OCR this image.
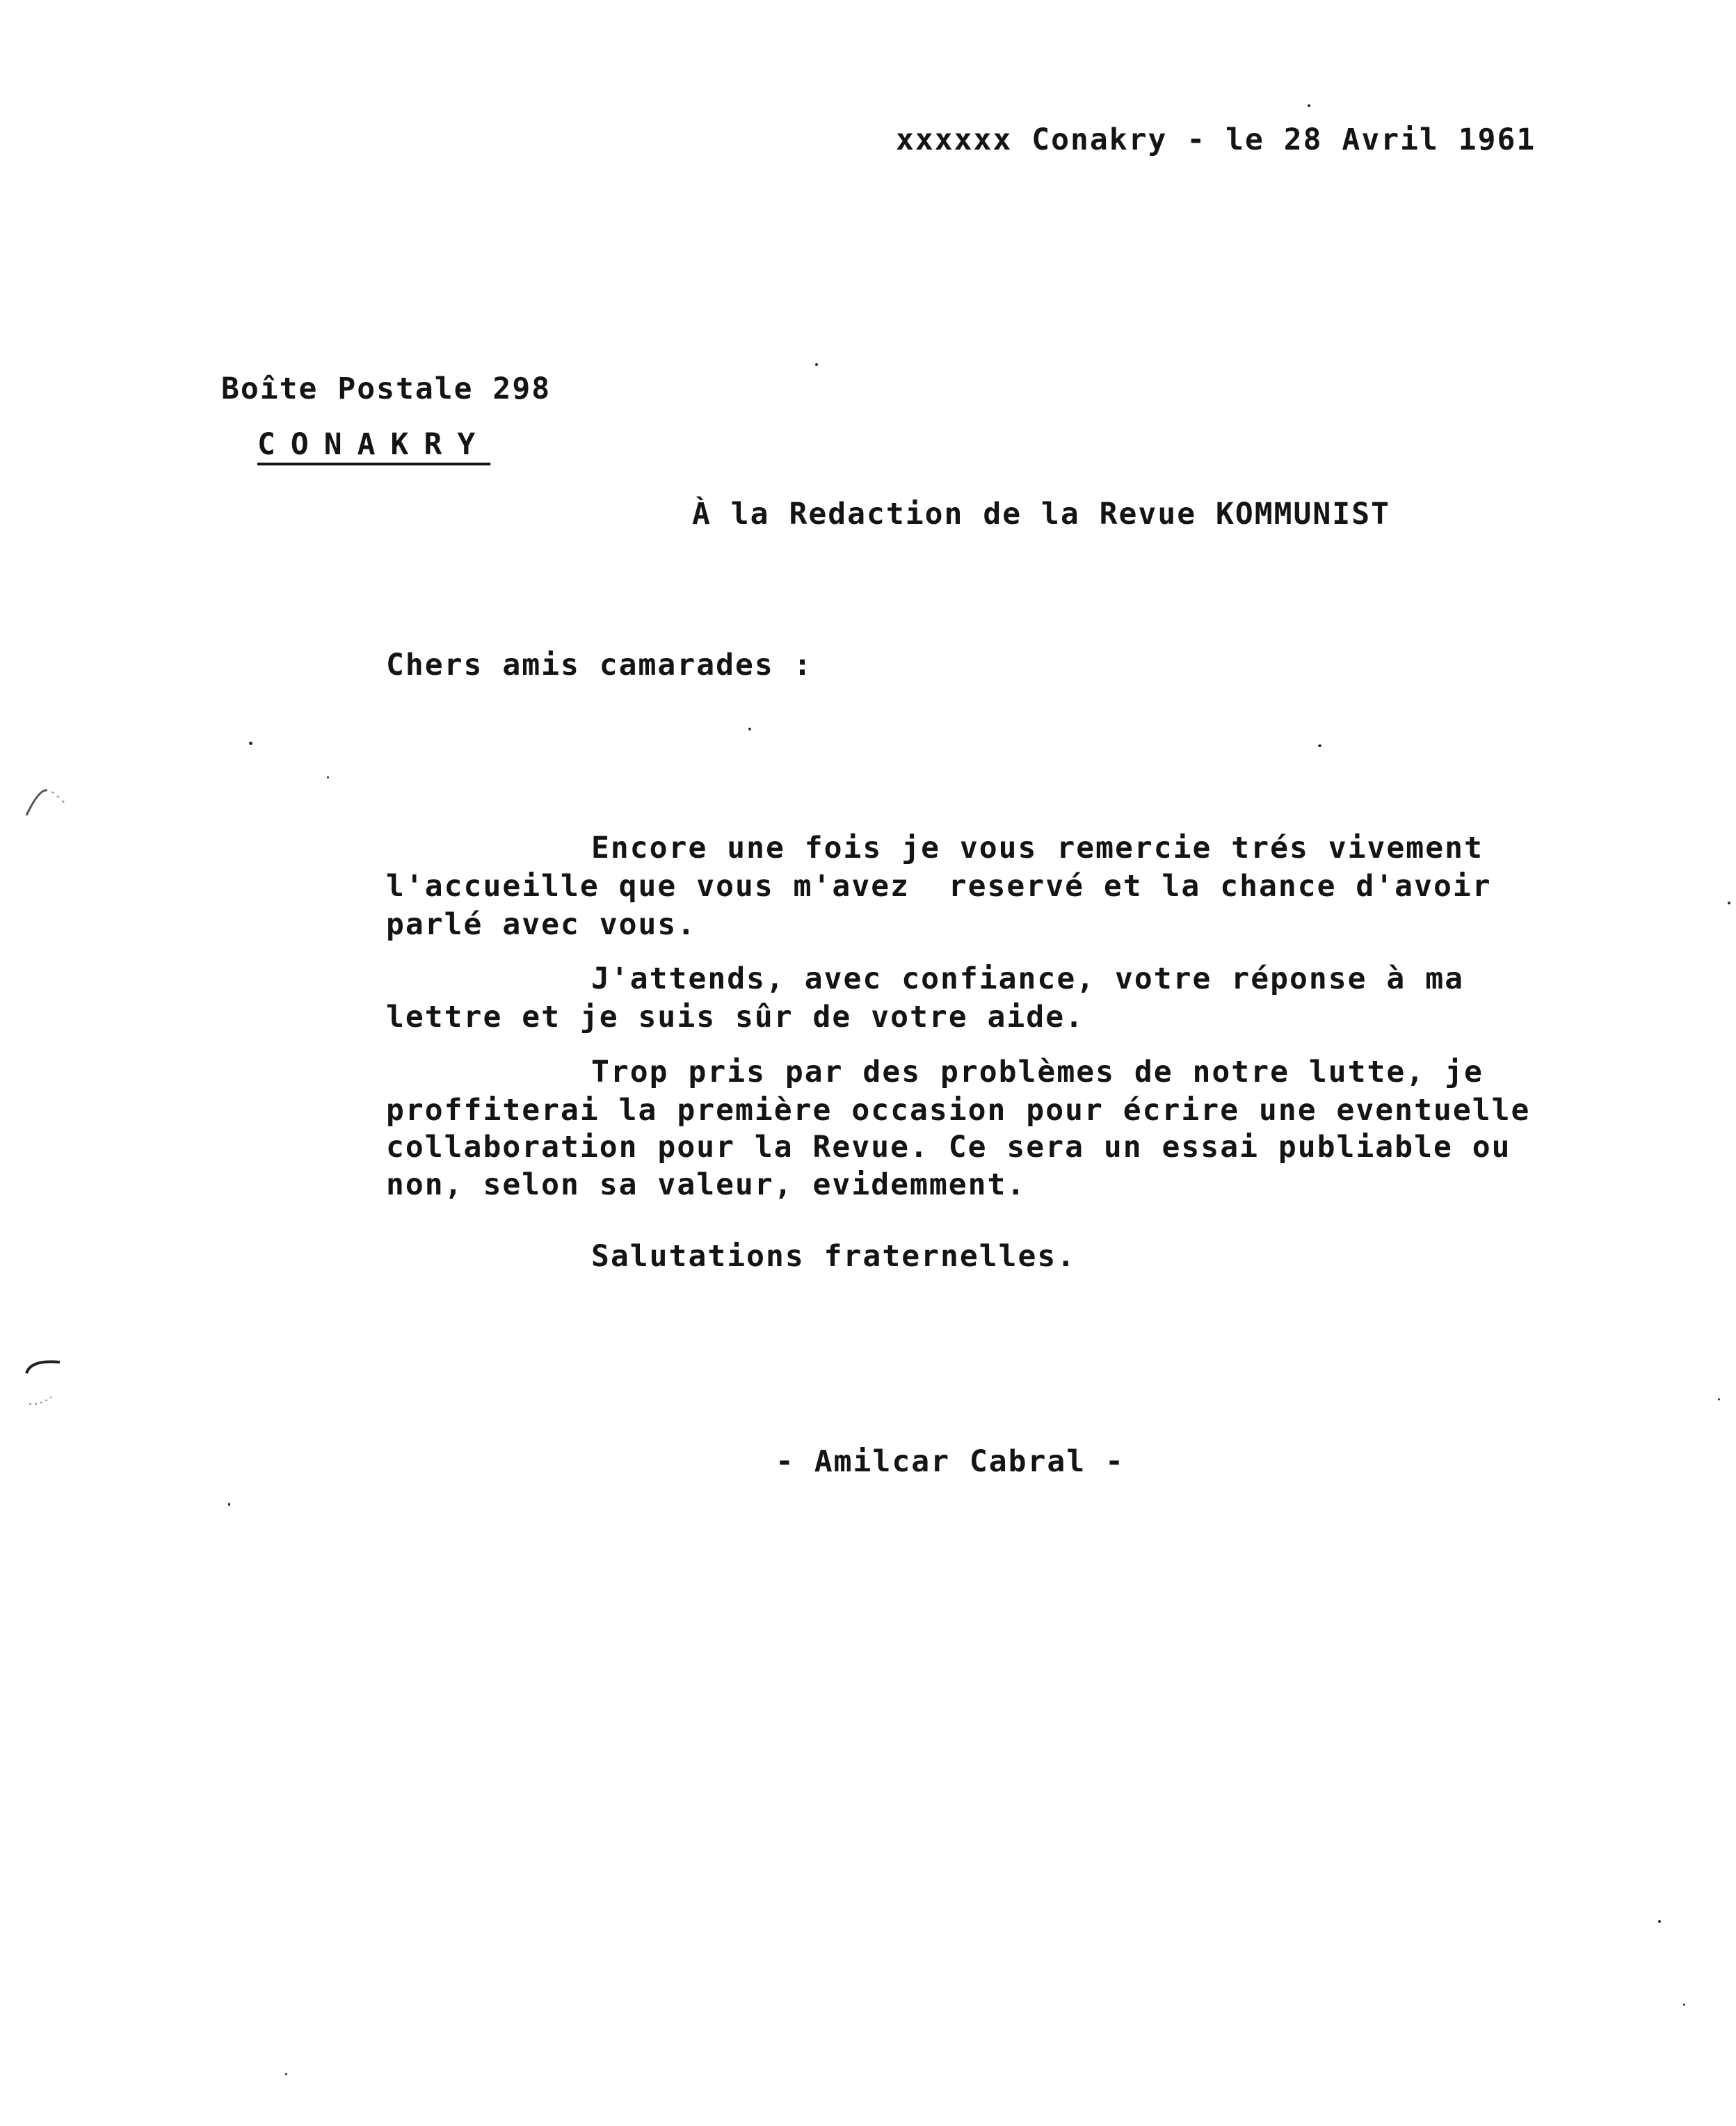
xxxxxx Conakry - le 28 Avril 1961
Boîte Postale 298
CONAKRY
À la Redaction de la Revue KOMMUNIST
Chers amis camarades :
Encore une fois je vous remercie trés vivement
l'accueille que vous m'avez  reservé et la chance d'avoir
parlé avec vous.
J'attends, avec confiance, votre réponse à ma
lettre et je suis sûr de votre aide.
Trop pris par des problèmes de notre lutte, je
proffiterai la première occasion pour écrire une eventuelle
collaboration pour la Revue. Ce sera un essai publiable ou
non, selon sa valeur, evidemment.
Salutations fraternelles.
- Amilcar Cabral -
